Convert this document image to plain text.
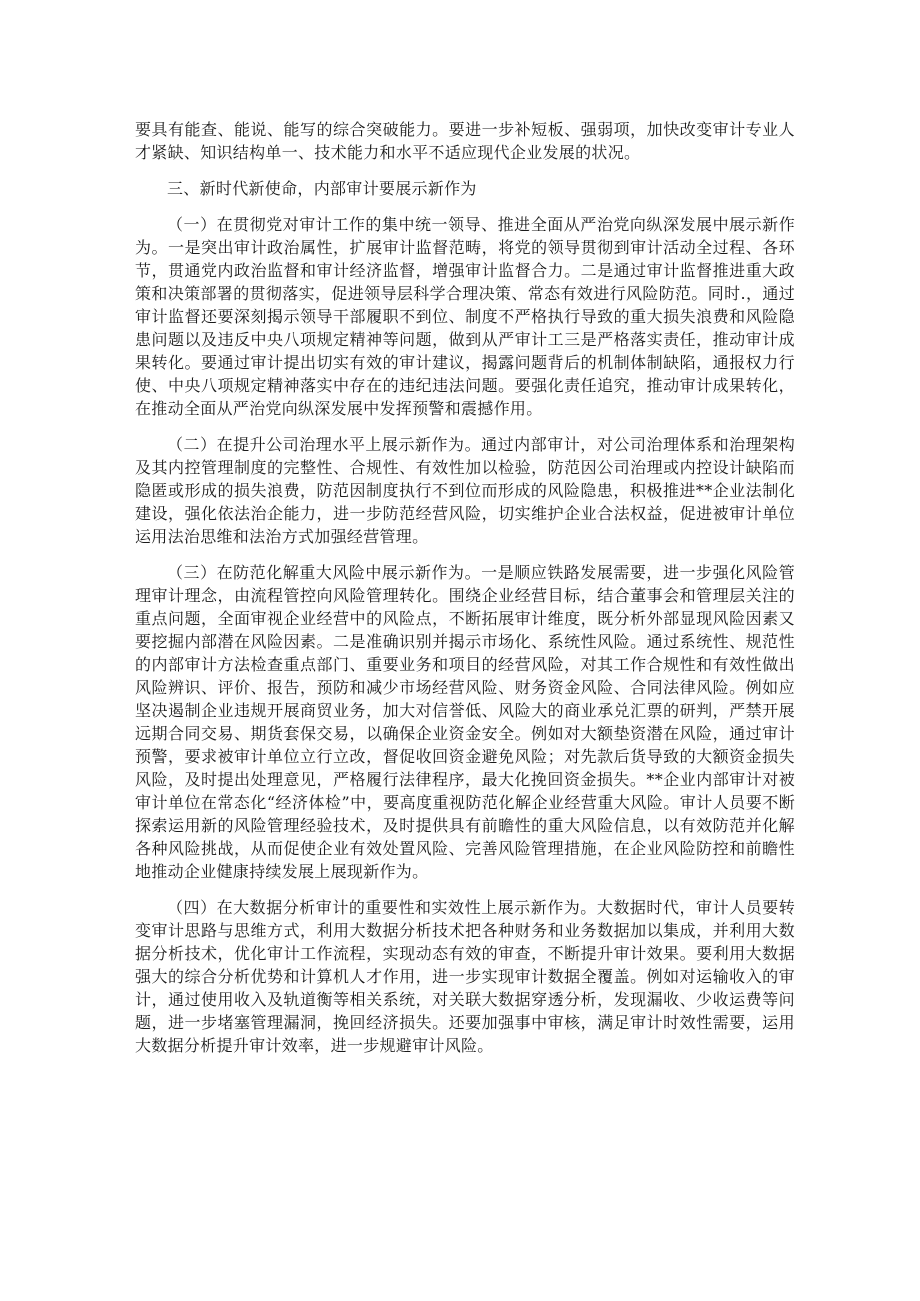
要具有能查、能说、能写的综合突破能力。要进一步补短板、强弱项，加快改变审计专业人才紧缺、知识结构单一、技术能力和水平不适应现代企业发展的状况。

三、新时代新使命，内部审计要展示新作为

（一）在贯彻党对审计工作的集中统一领导、推进全面从严治党向纵深发展中展示新作为。一是突出审计政治属性，扩展审计监督范畴，将党的领导贯彻到审计活动全过程、各环节，贯通党内政治监督和审计经济监督，增强审计监督合力。二是通过审计监督推进重大政策和决策部署的贯彻落实，促进领导层科学合理决策、常态有效进行风险防范。同时.，通过审计监督还要深刻揭示领导干部履职不到位、制度不严格执行导致的重大损失浪费和风险隐患问题以及违反中央八项规定精神等问题，做到从严审计工三是严格落实责任，推动审计成果转化。要通过审计提出切实有效的审计建议，揭露问题背后的机制体制缺陷，通报权力行使、中央八项规定精神落实中存在的违纪违法问题。要强化责任追究，推动审计成果转化，在推动全面从严治党向纵深发展中发挥预警和震撼作用。

（二）在提升公司治理水平上展示新作为。通过内部审计，对公司治理体系和治理架构及其内控管理制度的完整性、合规性、有效性加以检验，防范因公司治理或内控设计缺陷而隐匿或形成的损失浪费，防范因制度执行不到位而形成的风险隐患，积极推进**企业法制化建设，强化依法治企能力，进一步防范经营风险，切实维护企业合法权益，促进被审计单位运用法治思维和法治方式加强经营管理。

（三）在防范化解重大风险中展示新作为。一是顺应铁路发展需要，进一步强化风险管理审计理念，由流程管控向风险管理转化。围绕企业经营目标，结合董事会和管理层关注的重点问题，全面审视企业经营中的风险点，不断拓展审计维度，既分析外部显现风险因素又要挖掘内部潜在风险因素。二是准确识别并揭示市场化、系统性风险。通过系统性、规范性的内部审计方法检查重点部门、重要业务和项目的经营风险，对其工作合规性和有效性做出风险辨识、评价、报告，预防和减少市场经营风险、财务资金风险、合同法律风险。例如应坚决遏制企业违规开展商贸业务，加大对信誉低、风险大的商业承兑汇票的研判，严禁开展远期合同交易、期货套保交易，以确保企业资金安全。例如对大额垫资潜在风险，通过审计预警，要求被审计单位立行立改，督促收回资金避免风险；对先款后货导致的大额资金损失风险，及时提出处理意见，严格履行法律程序，最大化挽回资金损失。**企业内部审计对被审计单位在常态化“经济体检”中，要高度重视防范化解企业经营重大风险。审计人员要不断探索运用新的风险管理经验技术，及时提供具有前瞻性的重大风险信息，以有效防范并化解各种风险挑战，从而促使企业有效处置风险、完善风险管理措施，在企业风险防控和前瞻性地推动企业健康持续发展上展现新作为。

（四）在大数据分析审计的重要性和实效性上展示新作为。大数据时代，审计人员要转变审计思路与思维方式，利用大数据分析技术把各种财务和业务数据加以集成，并利用大数据分析技术，优化审计工作流程，实现动态有效的审查，不断提升审计效果。要利用大数据强大的综合分析优势和计算机人才作用，进一步实现审计数据全覆盖。例如对运输收入的审计，通过使用收入及轨道衡等相关系统，对关联大数据穿透分析，发现漏收、少收运费等问题，进一步堵塞管理漏洞，挽回经济损失。还要加强事中审核，满足审计时效性需要，运用大数据分析提升审计效率，进一步规避审计风险。
